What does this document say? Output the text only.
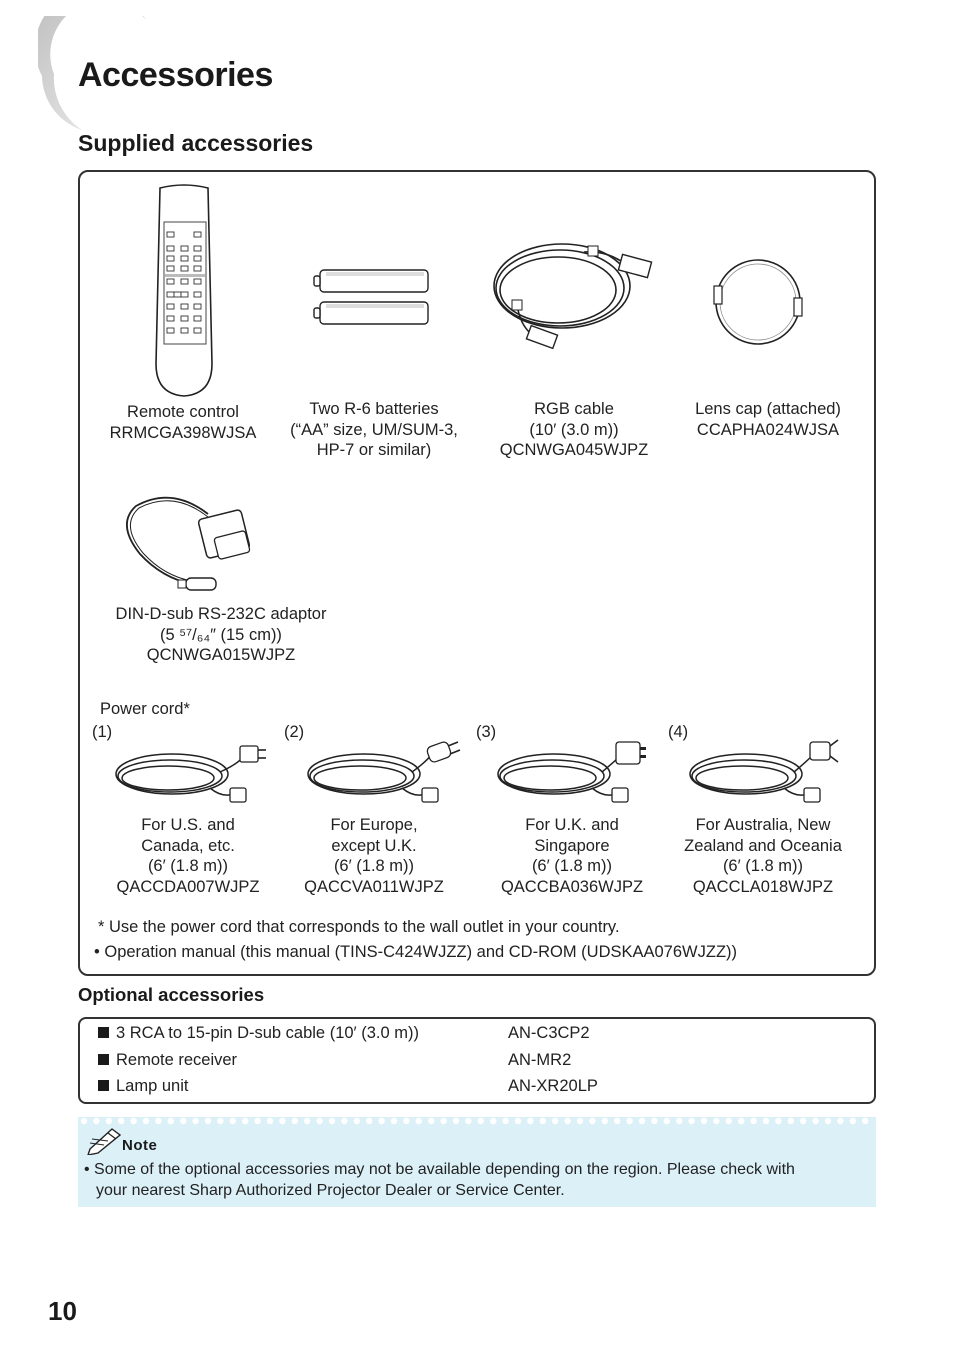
Accessories
Supplied accessories
Remote control
RRMCGA398WJSA
Two R-6 batteries
(“AA” size, UM/SUM-3,
HP-7 or similar)
RGB cable
(10′ (3.0 m))
QCNWGA045WJPZ
Lens cap (attached)
CCAPHA024WJSA
DIN-D-sub RS-232C adaptor
(5 ⁵⁷/₆₄″ (15 cm))
QCNWGA015WJPZ
Power cord*
(1)	(2)	(3)	(4)
For U.S. and
Canada, etc.
(6′ (1.8 m))
QACCDA007WJPZ
For Europe,
except U.K.
(6′ (1.8 m))
QACCVA011WJPZ
For U.K. and
Singapore
(6′ (1.8 m))
QACCBA036WJPZ
For Australia, New
Zealand and Oceania
(6′ (1.8 m))
QACCLA018WJPZ
* Use the power cord that corresponds to the wall outlet in your country.
• Operation manual (this manual (TINS-C424WJZZ) and CD-ROM (UDSKAA076WJZZ))
Optional accessories
3 RCA to 15-pin D-sub cable (10′ (3.0 m))	AN-C3CP2
Remote receiver	AN-MR2
Lamp unit	AN-XR20LP
Note
• Some of the optional accessories may not be available depending on the region. Please check with
your nearest Sharp Authorized Projector Dealer or Service Center.
10
